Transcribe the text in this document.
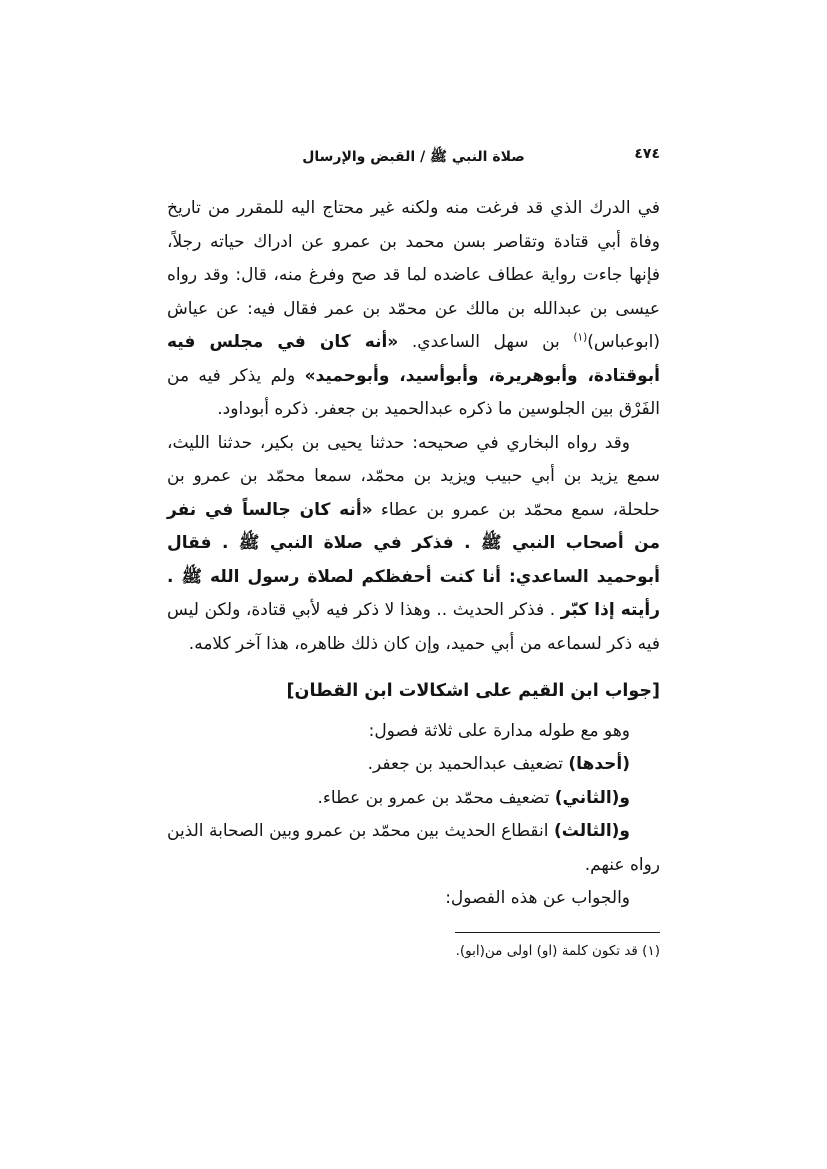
صلاة النبي ﷺ / القبض والإرسال	٤٧٤

في الدرك الذي قد فرغت منه ولكنه غير محتاج اليه للمقرر من تاريخ وفاة أبي قتادة وتقاصر بسن محمد بن عمرو عن ادراك حياته رجلاً، فإنها جاءت رواية عطاف عاضده لما قد صح وفرغ منه، قال: وقد رواه عيسى بن عبدالله بن مالك عن محمّد بن عمر فقال فيه: عن عياش (ابوعباس)$^{(١)}$ بن سهل الساعدي. «أنه كان في مجلس فيه أبوقتادة، وأبوهريرة، وأبوأسيد، وأبوحميد» ولم يذكر فيه من الفَرْق بين الجلوسين ما ذكره عبدالحميد بن جعفر. ذكره أبوداود.

وقد رواه البخاري في صحيحه: حدثنا يحيى بن بكير، حدثنا الليث، سمع يزيد بن أبي حبيب ويزيد بن محمّد، سمعا محمّد بن عمرو بن حلحلة، سمع محمّد بن عمرو بن عطاء «أنه كان جالساً في نفر من أصحاب النبي ﷺ . فذكر في صلاة النبي ﷺ . فقال أبوحميد الساعدي: أنا كنت أحفظكم لصلاة رسول الله ﷺ . رأيته إذا كبّر . فذكر الحديث .. وهذا لا ذكر فيه لأبي قتادة، ولكن ليس فيه ذكر لسماعه من أبي حميد، وإن كان ذلك ظاهره، هذا آخر كلامه.

[جواب ابن القيم على اشكالات ابن القطان]

وهو مع طوله مدارة على ثلاثة فصول:

(أحدها) تضعيف عبدالحميد بن جعفر.

و(الثاني) تضعيف محمّد بن عمرو بن عطاء.

و(الثالث) انقطاع الحديث بين محمّد بن عمرو وبين الصحابة الذين رواه عنهم.

والجواب عن هذه الفصول:

(١) قد تكون كلمة (او) اولى من(ابو).
